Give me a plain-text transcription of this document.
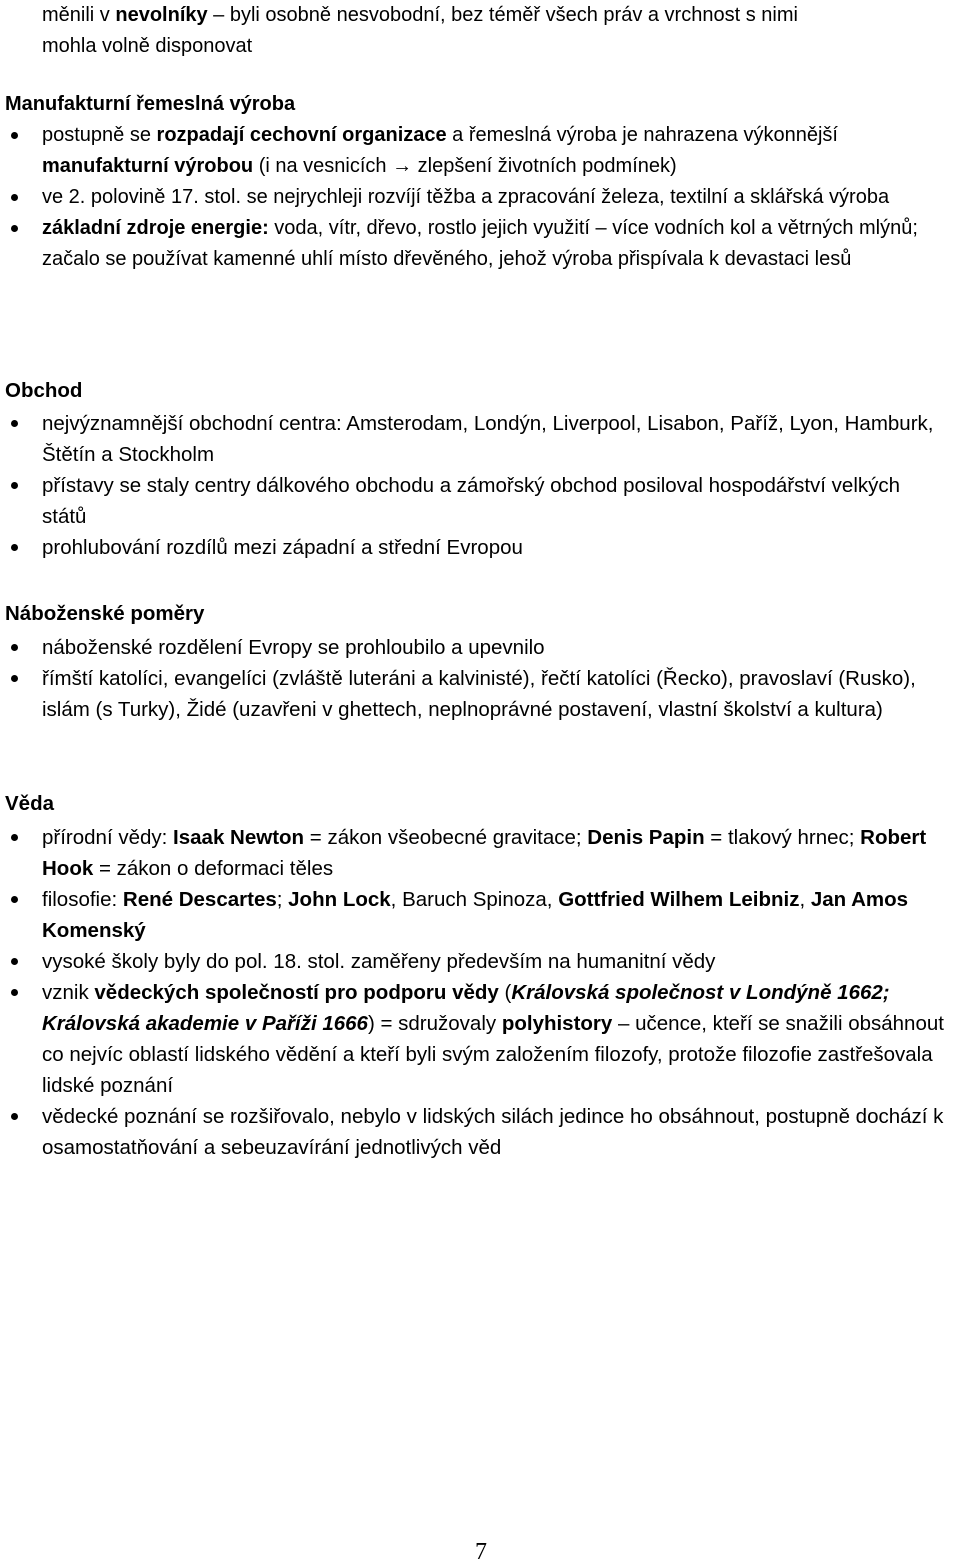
měnili v nevolníky – byli osobně nesvobodní, bez téměř všech práv a vrchnost s nimi
mohla volně disponovat

Manufakturní řemeslná výroba
postupně se rozpadají cechovní organizace a řemeslná výroba je nahrazena výkonnější manufakturní výrobou (i na vesnicích → zlepšení životních podmínek)
ve 2. polovině 17. stol. se nejrychleji rozvíjí těžba a zpracování železa, textilní a sklářská výroba
základní zdroje energie: voda, vítr, dřevo, rostlo jejich využití – více vodních kol a větrných mlýnů; začalo se používat kamenné uhlí místo dřevěného, jehož výroba přispívala k devastaci lesů
Obchod
nejvýznamnější obchodní centra: Amsterodam, Londýn, Liverpool, Lisabon, Paříž, Lyon, Hamburk, Štětín a Stockholm
přístavy se staly centry dálkového obchodu a zámořský obchod posiloval hospodářství velkých států
prohlubování rozdílů mezi západní a střední Evropou
Náboženské poměry
náboženské rozdělení Evropy se prohloubilo a upevnilo
římští katolíci, evangelíci (zvláště luteráni a kalvinisté), řečtí katolíci (Řecko), pravoslaví (Rusko), islám (s Turky), Židé (uzavřeni v ghettech, neplnoprávné postavení, vlastní školství a kultura)
Věda
přírodní vědy: Isaak Newton = zákon všeobecné gravitace; Denis Papin = tlakový hrnec; Robert Hook = zákon o deformaci těles
filosofie: René Descartes; John Lock, Baruch Spinoza, Gottfried Wilhem Leibniz, Jan Amos Komenský
vysoké školy byly do pol. 18. stol. zaměřeny především na humanitní vědy
vznik vědeckých společností pro podporu vědy (Královská společnost v Londýně 1662; Královská akademie v Paříži 1666) = sdružovaly polyhistory – učence, kteří se snažili obsáhnout co nejvíc oblastí lidského vědění a kteří byli svým založením filozofy, protože filozofie zastřešovala lidské poznání
vědecké poznání se rozšiřovalo, nebylo v lidských silách jedince ho obsáhnout, postupně dochází k osamostatňování a sebeuzavírání jednotlivých věd
7
